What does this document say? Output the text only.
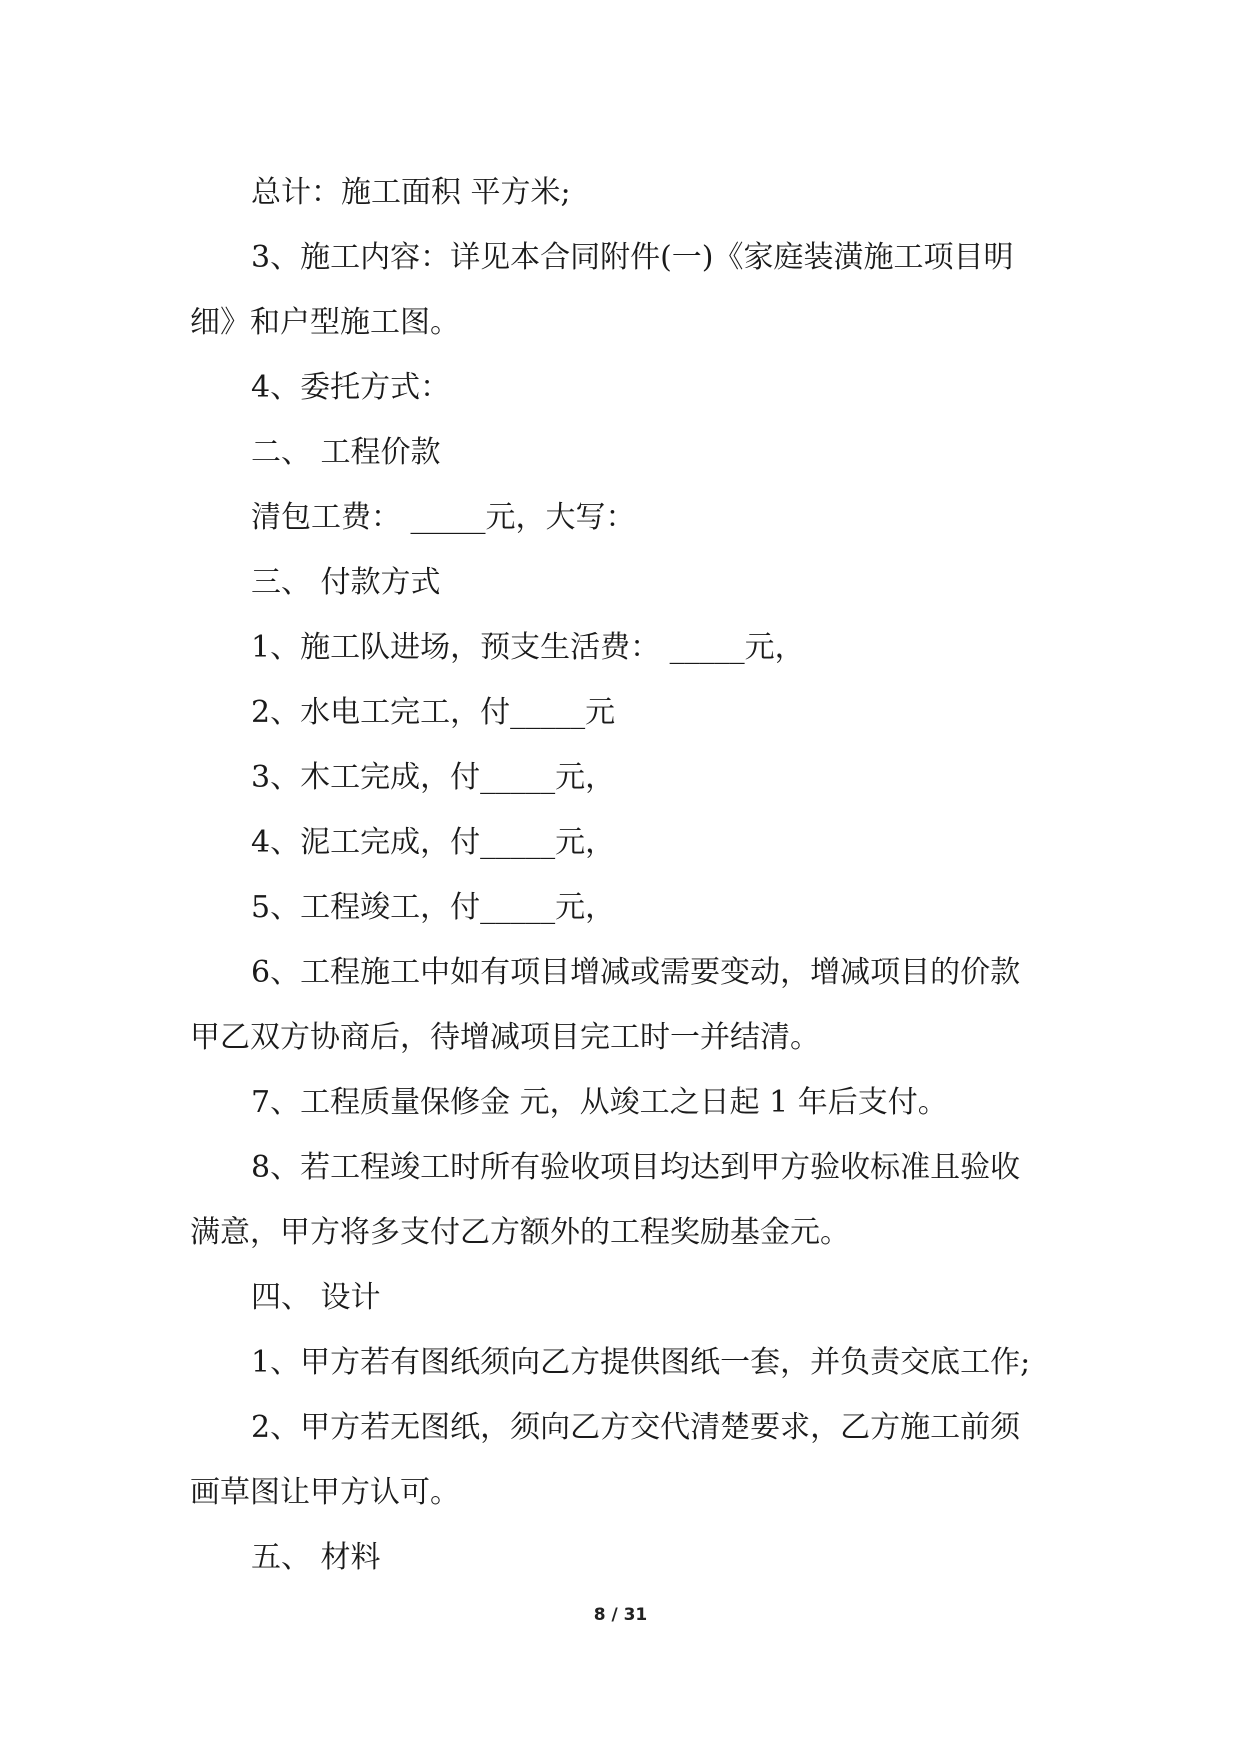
总计：施工面积 平方米;
3、施工内容：详见本合同附件(一)《家庭装潢施工项目明
细》和户型施工图。
4、委托方式：
二、 工程价款
清包工费： _____元，大写：
三、 付款方式
1、施工队进场，预支生活费： _____元，
2、水电工完工，付_____元
3、木工完成，付_____元，
4、泥工完成，付_____元，
5、工程竣工，付_____元，
6、工程施工中如有项目增减或需要变动，增减项目的价款
甲乙双方协商后，待增减项目完工时一并结清。
7、工程质量保修金 元，从竣工之日起 1 年后支付。
8、若工程竣工时所有验收项目均达到甲方验收标准且验收
满意，甲方将多支付乙方额外的工程奖励基金元。
四、 设计
1、甲方若有图纸须向乙方提供图纸一套，并负责交底工作;
2、甲方若无图纸，须向乙方交代清楚要求，乙方施工前须
画草图让甲方认可。
五、 材料
8 / 31
